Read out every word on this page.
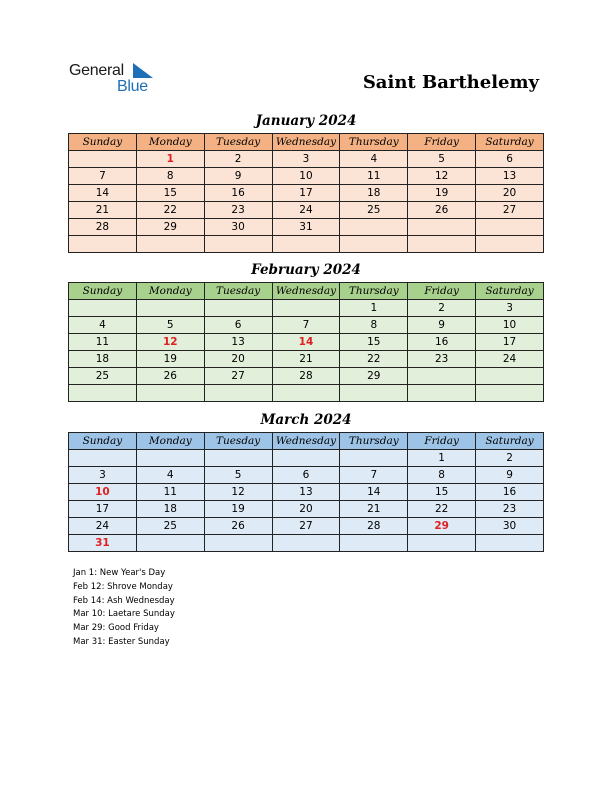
General
Blue	Saint Barthelemy
January 2024
Sunday	Monday	Tuesday	Wednesday	Thursday	Friday	Saturday
	1	2	3	4	5	6
7	8	9	10	11	12	13
14	15	16	17	18	19	20
21	22	23	24	25	26	27
28	29	30	31			

February 2024
Sunday	Monday	Tuesday	Wednesday	Thursday	Friday	Saturday
				1	2	3
4	5	6	7	8	9	10
11	12	13	14	15	16	17
18	19	20	21	22	23	24
25	26	27	28	29		

March 2024
Sunday	Monday	Tuesday	Wednesday	Thursday	Friday	Saturday
					1	2
3	4	5	6	7	8	9
10	11	12	13	14	15	16
17	18	19	20	21	22	23
24	25	26	27	28	29	30
31						
Jan 1: New Year's Day
Feb 12: Shrove Monday
Feb 14: Ash Wednesday
Mar 10: Laetare Sunday
Mar 29: Good Friday
Mar 31: Easter Sunday
